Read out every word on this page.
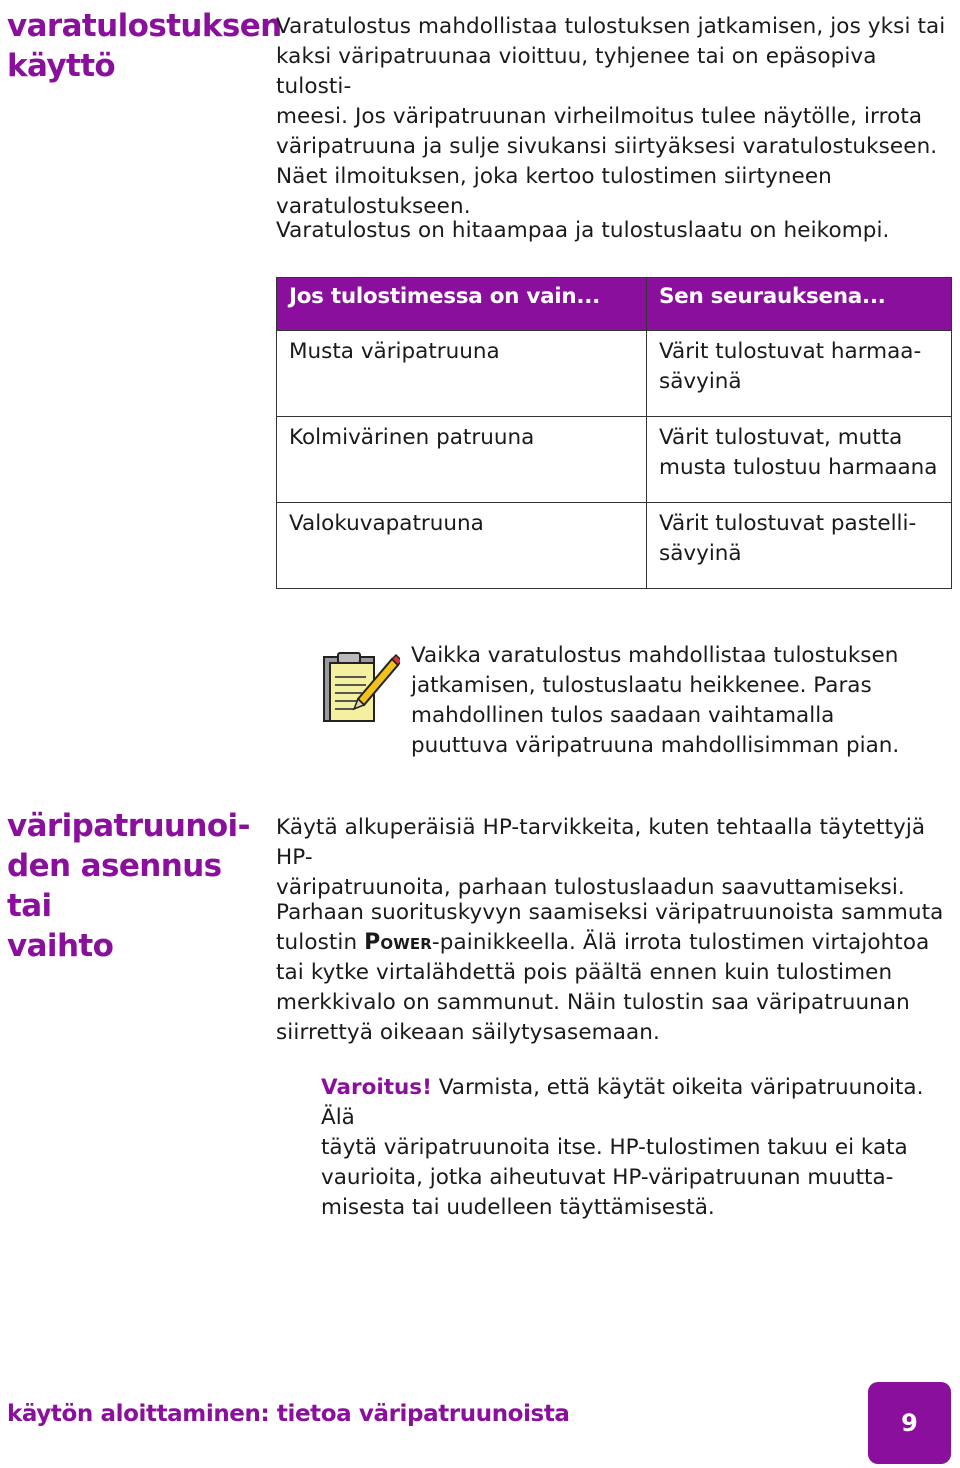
varatulostuksen
käyttö

Varatulostus mahdollistaa tulostuksen jatkamisen, jos yksi tai
kaksi väripatruunaa vioittuu, tyhjenee tai on epäsopiva tulosti-
meesi. Jos väripatruunan virheilmoitus tulee näytölle, irrota
väripatruuna ja sulje sivukansi siirtyäksesi varatulostukseen.
Näet ilmoituksen, joka kertoo tulostimen siirtyneen
varatulostukseen.

Varatulostus on hitaampaa ja tulostuslaatu on heikompi.

Jos tulostimessa on vain...	Sen seurauksena...
Musta väripatruuna	Värit tulostuvat harmaa-
sävyinä
Kolmivärinen patruuna	Värit tulostuvat, mutta
musta tulostuu harmaana
Valokuvapatruuna	Värit tulostuvat pastelli-
sävyinä

Vaikka varatulostus mahdollistaa tulostuksen
jatkamisen, tulostuslaatu heikkenee. Paras
mahdollinen tulos saadaan vaihtamalla
puuttuva väripatruuna mahdollisimman pian.

väripatruunoi-
den asennus tai
vaihto

Käytä alkuperäisiä HP-tarvikkeita, kuten tehtaalla täytettyjä HP-
väripatruunoita, parhaan tulostuslaadun saavuttamiseksi.

Parhaan suorituskyvyn saamiseksi väripatruunoista sammuta
tulostin Power-painikkeella. Älä irrota tulostimen virtajohtoa
tai kytke virtalähdettä pois päältä ennen kuin tulostimen
merkkivalo on sammunut. Näin tulostin saa väripatruunan
siirrettyä oikeaan säilytysasemaan.

Varoitus! Varmista, että käytät oikeita väripatruunoita. Älä
täytä väripatruunoita itse. HP-tulostimen takuu ei kata
vaurioita, jotka aiheutuvat HP-väripatruunan muutta-
misesta tai uudelleen täyttämisestä.

käytön aloittaminen: tietoa väripatruunoista	9
